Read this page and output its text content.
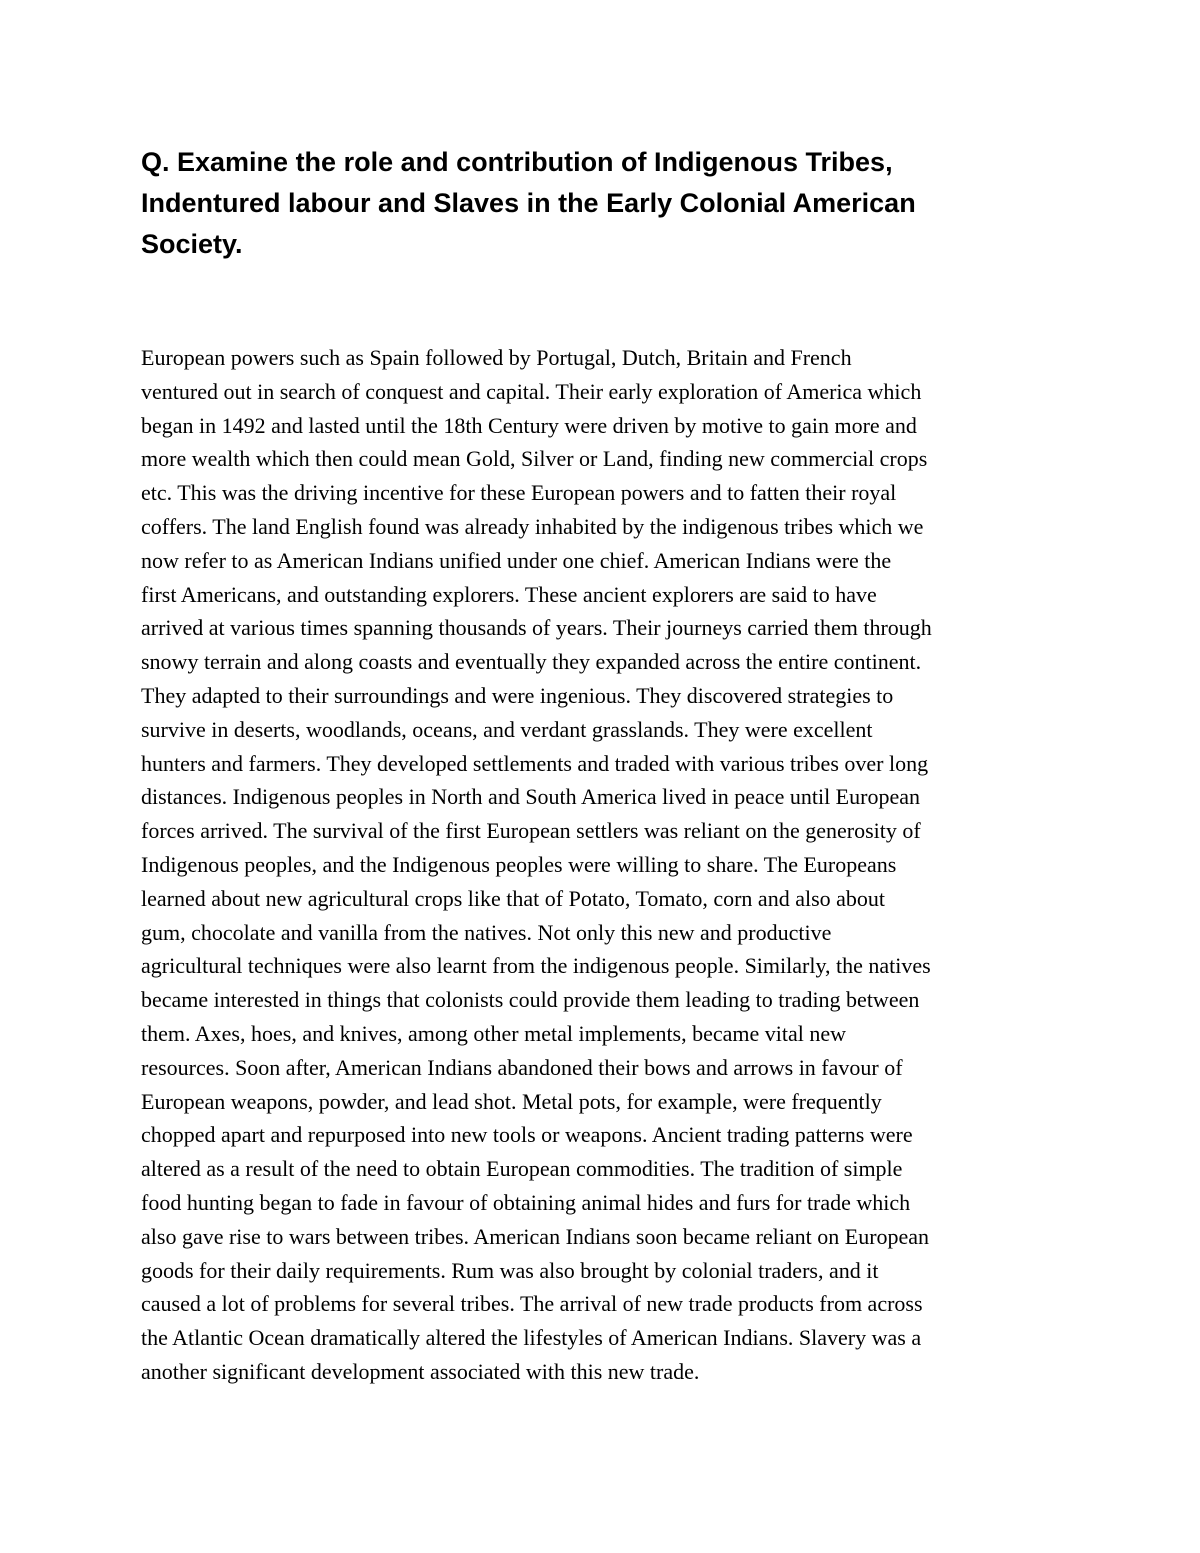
Q. Examine the role and contribution of Indigenous Tribes,
Indentured labour and Slaves in the Early Colonial American
Society.
European powers such as Spain followed by Portugal, Dutch, Britain and French
ventured out in search of conquest and capital. Their early exploration of America which
began in 1492 and lasted until the 18th Century were driven by motive to gain more and
more wealth which then could mean Gold, Silver or Land, finding new commercial crops
etc. This was the driving incentive for these European powers and to fatten their royal
coffers. The land English found was already inhabited by the indigenous tribes which we
now refer to as American Indians unified under one chief. American Indians were the
first Americans, and outstanding explorers. These ancient explorers are said to have
arrived at various times spanning thousands of years. Their journeys carried them through
snowy terrain and along coasts and eventually they expanded across the entire continent.
They adapted to their surroundings and were ingenious. They discovered strategies to
survive in deserts, woodlands, oceans, and verdant grasslands. They were excellent
hunters and farmers. They developed settlements and traded with various tribes over long
distances. Indigenous peoples in North and South America lived in peace until European
forces arrived. The survival of the first European settlers was reliant on the generosity of
Indigenous peoples, and the Indigenous peoples were willing to share. The Europeans
learned about new agricultural crops like that of Potato, Tomato, corn and also about
gum, chocolate and vanilla from the natives. Not only this new and productive
agricultural techniques were also learnt from the indigenous people. Similarly, the natives
became interested in things that colonists could provide them leading to trading between
them. Axes, hoes, and knives, among other metal implements, became vital new
resources. Soon after, American Indians abandoned their bows and arrows in favour of
European weapons, powder, and lead shot. Metal pots, for example, were frequently
chopped apart and repurposed into new tools or weapons. Ancient trading patterns were
altered as a result of the need to obtain European commodities. The tradition of simple
food hunting began to fade in favour of obtaining animal hides and furs for trade which
also gave rise to wars between tribes. American Indians soon became reliant on European
goods for their daily requirements. Rum was also brought by colonial traders, and it
caused a lot of problems for several tribes. The arrival of new trade products from across
the Atlantic Ocean dramatically altered the lifestyles of American Indians. Slavery was a
another significant development associated with this new trade.
